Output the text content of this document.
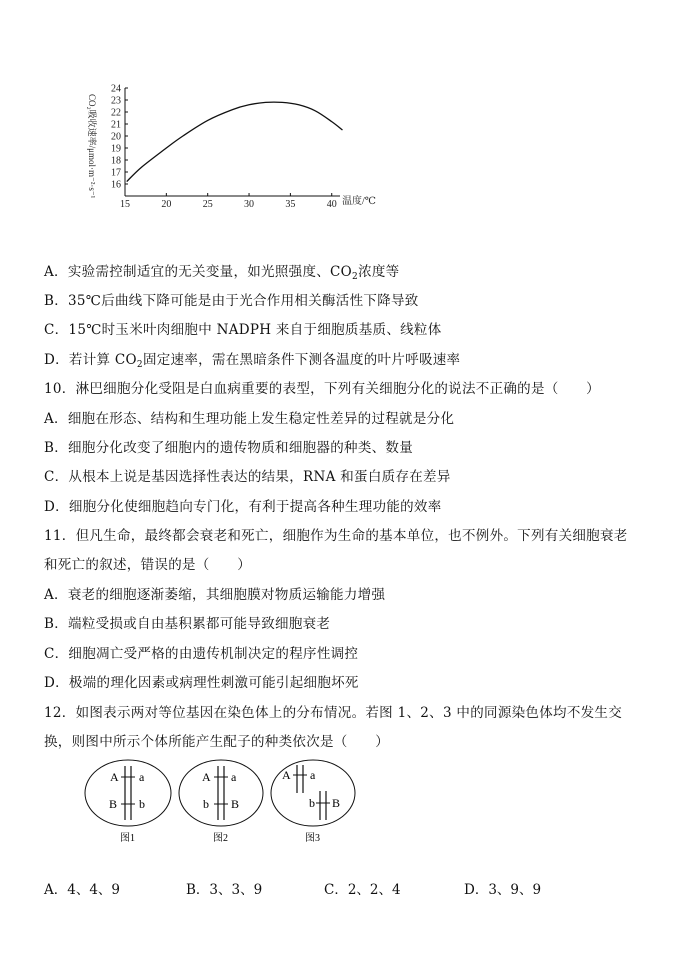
16
17
18
19
20
21
22
23
24
15	20	25	30	35	40
CO₂吸收速率/μmol·m⁻²·s⁻¹
温度/℃
A．实验需控制适宜的无关变量，如光照强度、$CO_2$浓度等
B．35℃后曲线下降可能是由于光合作用相关酶活性下降导致
C．15℃时玉米叶肉细胞中 NADPH 来自于细胞质基质、线粒体
D．若计算 $CO_2$固定速率，需在黑暗条件下测各温度的叶片呼吸速率
10．淋巴细胞分化受阻是白血病重要的表型，下列有关细胞分化的说法不正确的是（　　）
A．细胞在形态、结构和生理功能上发生稳定性差异的过程就是分化
B．细胞分化改变了细胞内的遗传物质和细胞器的种类、数量
C．从根本上说是基因选择性表达的结果，RNA 和蛋白质存在差异
D．细胞分化使细胞趋向专门化，有利于提高各种生理功能的效率
11．但凡生命，最终都会衰老和死亡，细胞作为生命的基本单位，也不例外。下列有关细胞衰老
和死亡的叙述，错误的是（　　）
A．衰老的细胞逐渐萎缩，其细胞膜对物质运输能力增强
B．端粒受损或自由基积累都可能导致细胞衰老
C．细胞凋亡受严格的由遗传机制决定的程序性调控
D．极端的理化因素或病理性刺激可能引起细胞坏死
12．如图表示两对等位基因在染色体上的分布情况。若图 1、2、3 中的同源染色体均不发生交
换，则图中所示个体所能产生配子的种类依次是（　　）
A a
B b
图1
A a
b B
图2
A a
b B
图3
A．4、4、9	B．3、3、9	C．2、2、4	D．3、9、9
